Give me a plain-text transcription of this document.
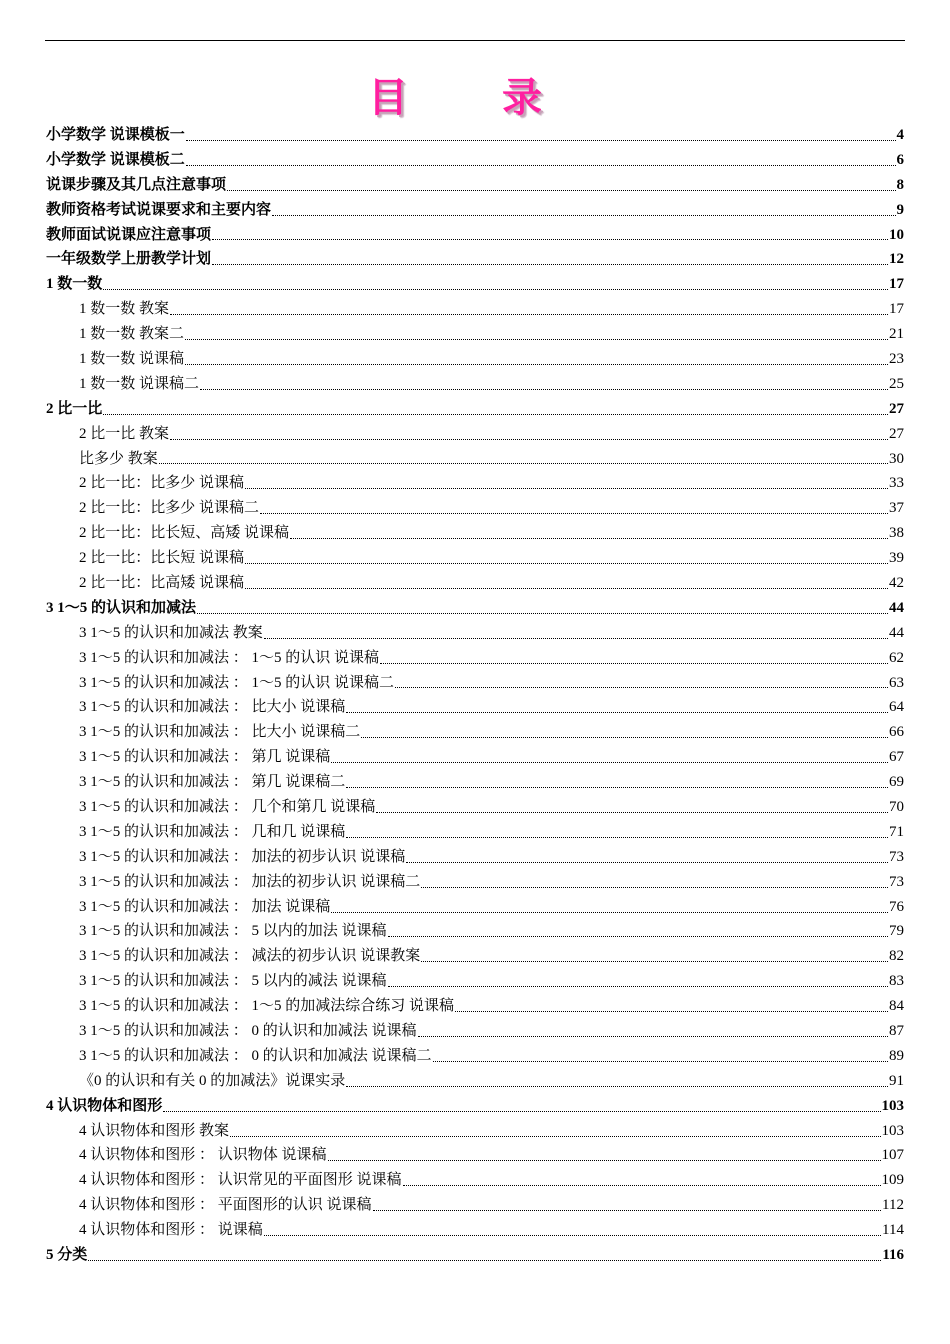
目 录
小学数学 说课模板一	4
小学数学 说课模板二	6
说课步骤及其几点注意事项	8
教师资格考试说课要求和主要内容	9
教师面试说课应注意事项	10
一年级数学上册教学计划	12
1 数一数	17
1 数一数 教案	17
1 数一数 教案二	21
1 数一数 说课稿	23
1 数一数 说课稿二	25
2 比一比	27
2 比一比 教案	27
比多少 教案	30
2 比一比：比多少 说课稿	33
2 比一比：比多少 说课稿二	37
2 比一比：比长短、高矮 说课稿	38
2 比一比：比长短 说课稿	39
2 比一比：比高矮 说课稿	42
3 1～5 的认识和加减法	44
3 1～5 的认识和加减法 教案	44
3 1～5 的认识和加减法 ： 1～5 的认识 说课稿	62
3 1～5 的认识和加减法 ： 1～5 的认识 说课稿二	63
3 1～5 的认识和加减法 ： 比大小 说课稿	64
3 1～5 的认识和加减法 ： 比大小 说课稿二	66
3 1～5 的认识和加减法 ： 第几 说课稿	67
3 1～5 的认识和加减法 ： 第几 说课稿二	69
3 1～5 的认识和加减法 ： 几个和第几 说课稿	70
3 1～5 的认识和加减法 ： 几和几 说课稿	71
3 1～5 的认识和加减法 ： 加法的初步认识 说课稿	73
3 1～5 的认识和加减法 ： 加法的初步认识 说课稿二	73
3 1～5 的认识和加减法 ： 加法 说课稿	76
3 1～5 的认识和加减法 ： 5 以内的加法 说课稿	79
3 1～5 的认识和加减法 ： 减法的初步认识 说课教案	82
3 1～5 的认识和加减法 ： 5 以内的减法 说课稿	83
3 1～5 的认识和加减法 ： 1～5 的加减法综合练习 说课稿	84
3 1～5 的认识和加减法 ： 0 的认识和加减法 说课稿	87
3 1～5 的认识和加减法 ： 0 的认识和加减法 说课稿二	89
《0 的认识和有关 0 的加减法》说课实录	91
4 认识物体和图形	103
4 认识物体和图形 教案	103
4 认识物体和图形 ： 认识物体 说课稿	107
4 认识物体和图形 ： 认识常见的平面图形 说课稿	109
4 认识物体和图形 ： 平面图形的认识 说课稿	112
4 认识物体和图形 ： 说课稿	114
5 分类	116
